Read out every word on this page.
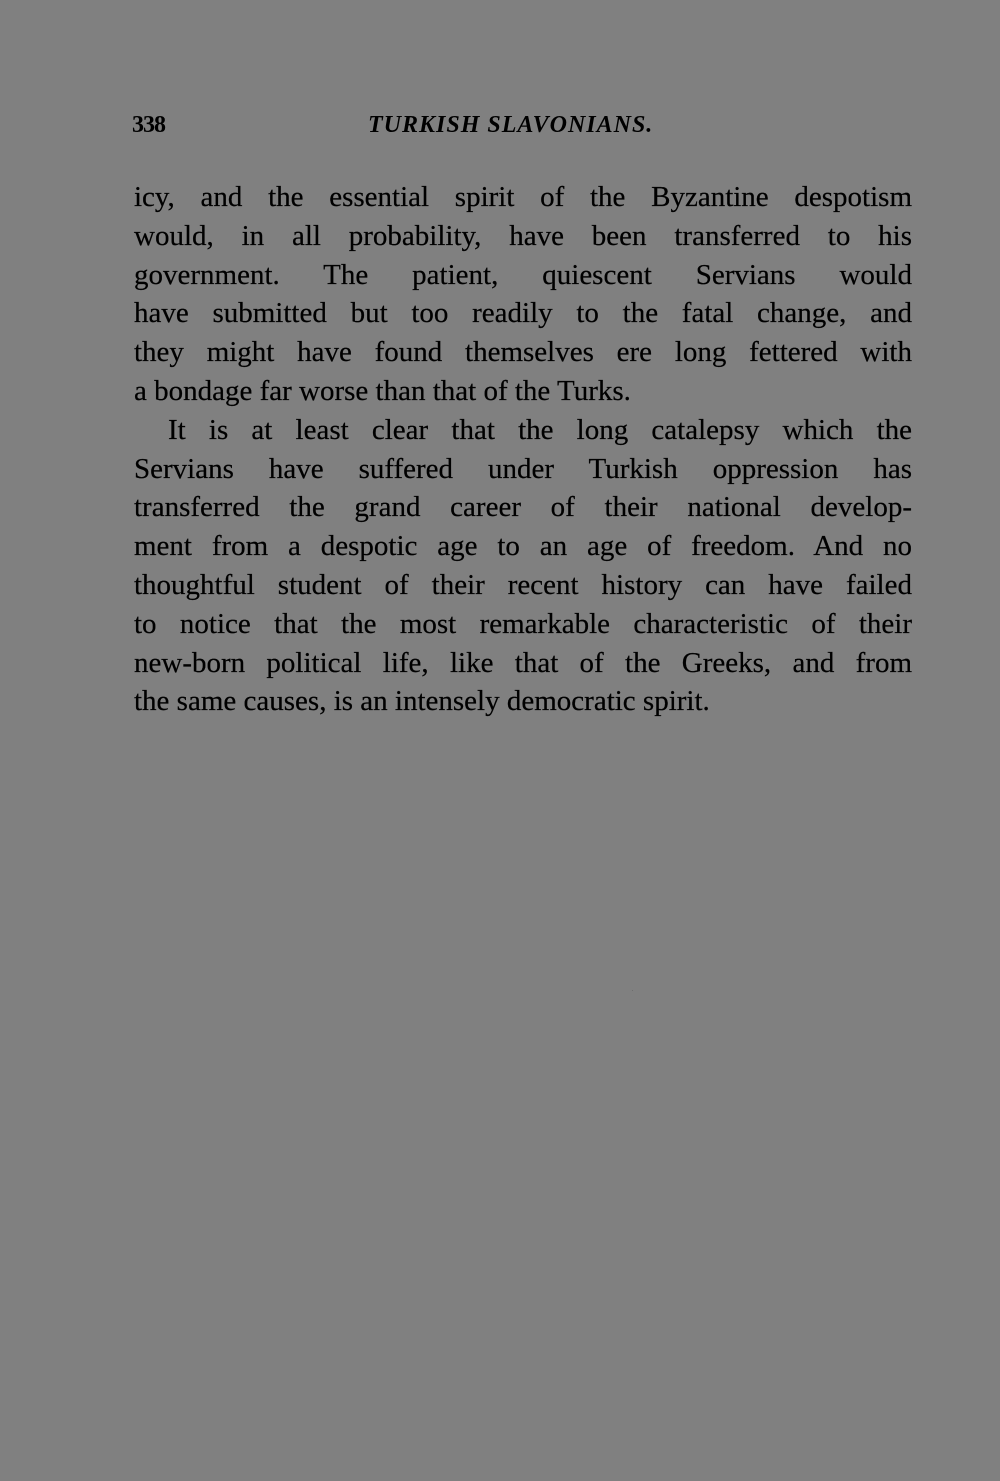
338	TURKISH SLAVONIANS.
icy, and the essential spirit of the Byzantine despotism
would, in all probability, have been transferred to his
government. The patient, quiescent Servians would
have submitted but too readily to the fatal change, and
they might have found themselves ere long fettered with
a bondage far worse than that of the Turks.
It is at least clear that the long catalepsy which the
Servians have suffered under Turkish oppression has
transferred the grand career of their national develop-
ment from a despotic age to an age of freedom. And no
thoughtful student of their recent history can have failed
to notice that the most remarkable characteristic of their
new-born political life, like that of the Greeks, and from
the same causes, is an intensely democratic spirit.
